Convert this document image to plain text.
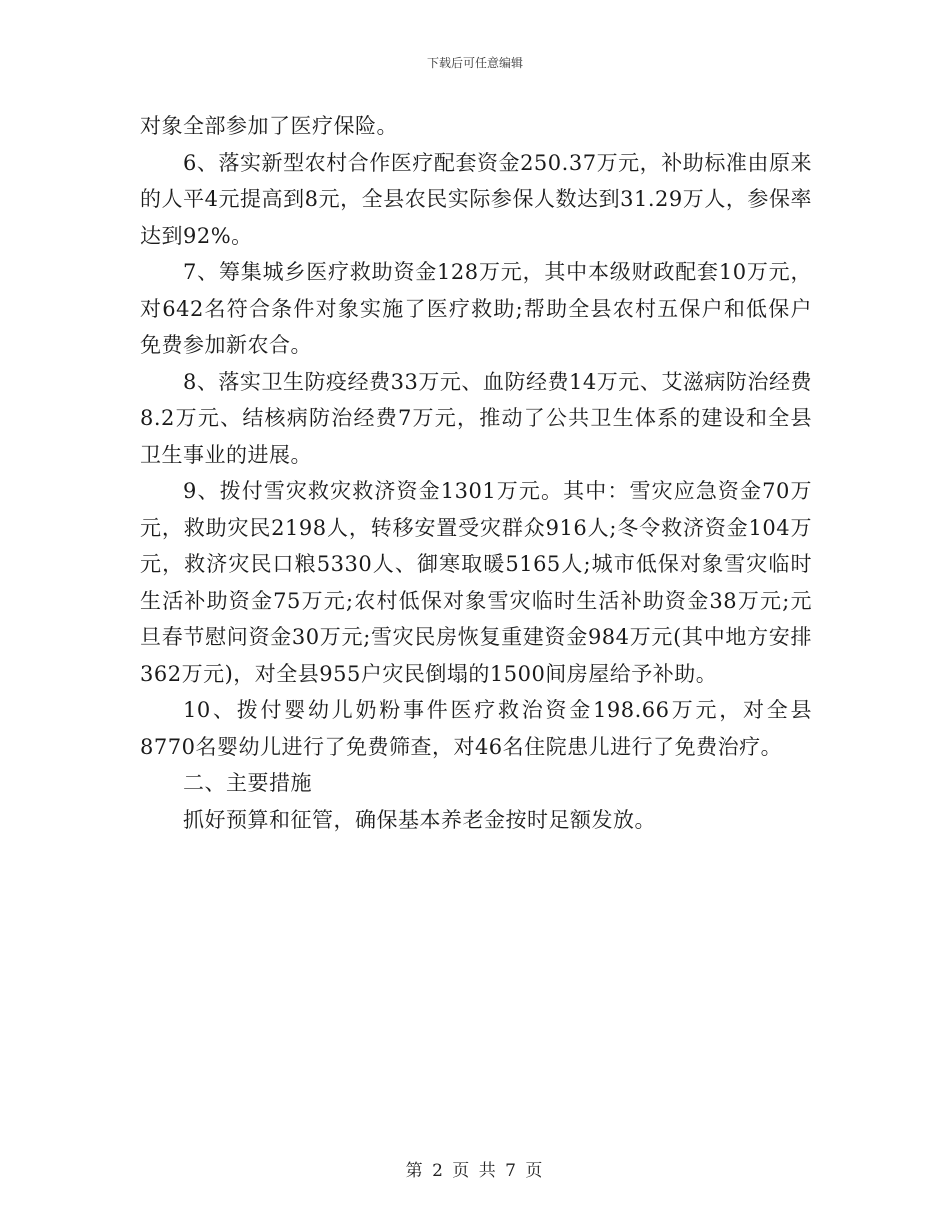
下载后可任意编辑

对象全部参加了医疗保险。

6、落实新型农村合作医疗配套资金250.37万元，补助标准由原来的人平4元提高到8元，全县农民实际参保人数达到31.29万人，参保率达到92%。

7、筹集城乡医疗救助资金128万元，其中本级财政配套10万元，对642名符合条件对象实施了医疗救助;帮助全县农村五保户和低保户免费参加新农合。

8、落实卫生防疫经费33万元、血防经费14万元、艾滋病防治经费8.2万元、结核病防治经费7万元，推动了公共卫生体系的建设和全县卫生事业的进展。

9、拨付雪灾救灾救济资金1301万元。其中：雪灾应急资金70万元，救助灾民2198人，转移安置受灾群众916人;冬令救济资金104万元，救济灾民口粮5330人、御寒取暖5165人;城市低保对象雪灾临时生活补助资金75万元;农村低保对象雪灾临时生活补助资金38万元;元旦春节慰问资金30万元;雪灾民房恢复重建资金984万元(其中地方安排362万元)，对全县955户灾民倒塌的1500间房屋给予补助。

10、拨付婴幼儿奶粉事件医疗救治资金198.66万元，对全县8770名婴幼儿进行了免费筛查，对46名住院患儿进行了免费治疗。

二、主要措施

抓好预算和征管，确保基本养老金按时足额发放。

第 2 页 共 7 页
